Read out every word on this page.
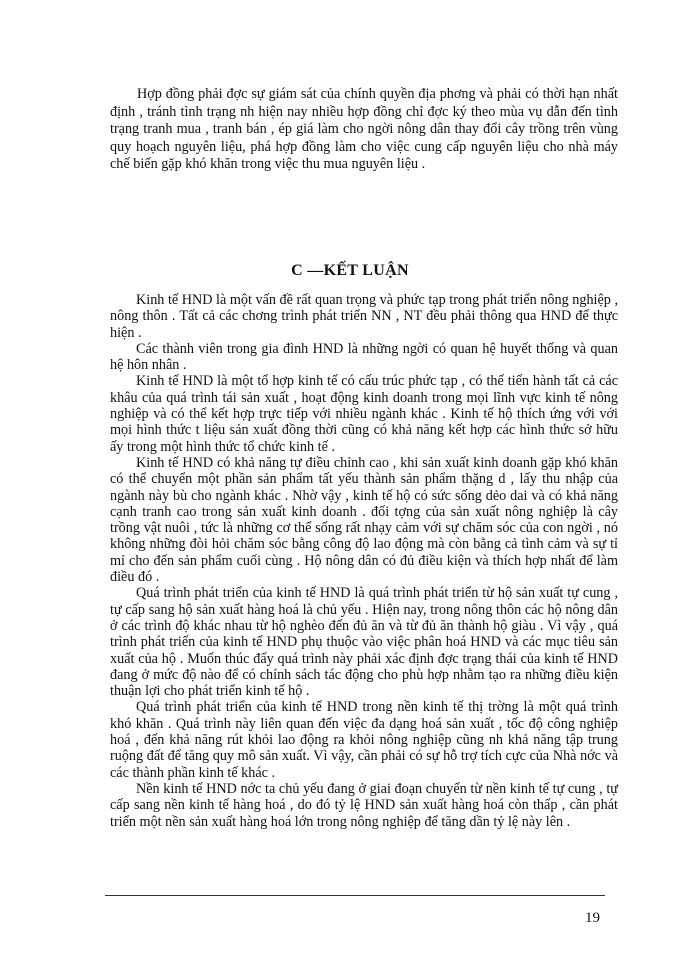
Hợp đồng phải đợc sự giám sát của chính quyền địa phơng và phải có thời hạn nhất định , tránh tình trạng nh hiện nay nhiều hợp đồng chỉ đợc ký theo mùa vụ dẫn đến tình trạng tranh mua , tranh bán , ép giá làm cho ngời nông dân thay đổi cây trồng trên vùng quy hoạch nguyên liệu, phá hợp đồng làm cho việc cung cấp nguyên liệu cho nhà máy chế biến gặp khó khăn trong việc thu mua nguyên liệu .

C —KẾT LUẬN

Kinh tế HND là một vấn đề rất quan trọng và phức tạp trong phát triển nông nghiệp , nông thôn . Tất cả các chơng trình phát triển NN , NT đều phải thông qua HND để thực hiện .

Các thành viên trong gia đình HND là những ngời có quan hệ huyết thống và quan hệ hôn nhân .

Kinh tế HND là một tổ hợp kinh tế có cấu trúc phức tạp , có thể tiến hành tất cả các khâu của quá trình tái sản xuất , hoạt động kinh doanh trong mọi lĩnh vực kinh tế nông nghiệp và có thể kết hợp trực tiếp với nhiều ngành khác . Kinh tế hộ thích ứng với với mọi hình thức t liệu sản xuất đồng thời cũng có khả năng kết hợp các hình thức sở hữu ấy trong một hình thức tổ chức kinh tế .

Kinh tế HND có khả năng tự điều chỉnh cao , khi sản xuất kinh doanh gặp khó khăn có thể chuyển một phần sản phẩm tất yếu thành sản phẩm thặng d , lấy thu nhập của ngành này bù cho ngành khác . Nhờ vậy , kinh tế hộ có sức sống dẻo dai và có khả năng cạnh tranh cao trong sản xuất kinh doanh . đối tợng của sản xuất nông nghiệp là cây trồng vật nuôi , tức là những cơ thể sống rất nhạy cảm với sự chăm sóc của con ngời , nó không những đòi hỏi chăm sóc bằng công độ lao động mà còn bằng cả tình cảm và sự tỉ mỉ cho đến sản phẩm cuối cùng . Hộ nông dân có đủ điều kiện và thích hợp nhất để làm điều đó .

Quá trình phát triển của kinh tế HND là quá trình phát triển từ hộ sản xuất tự cung , tự cấp sang hộ sản xuất hàng hoá là chủ yếu . Hiện nay, trong nông thôn các hộ nông dân ở các trình độ khác nhau từ hộ nghèo đến đủ ăn và từ đủ ăn thành hộ giàu . Vì vậy , quá trình phát triển của kinh tế HND phụ thuộc vào việc phân hoá HND và các mục tiêu sản xuất của hộ . Muốn thúc đẩy quá trình này phải xác định đợc trạng thái của kinh tế HND đang ở mức độ nào để có chính sách tác động cho phù hợp nhằm tạo ra những điều kiện thuận lợi cho phát triển kinh tế hộ .

Quá trình phát triển của kinh tế HND trong nền kinh tế thị trờng là một quá trình khó khăn . Quá trình này liên quan đến việc đa dạng hoá sản xuất , tốc độ công nghiệp hoá , đến khả năng rút khỏi lao động ra khỏi nông nghiệp cũng nh khả năng tập trung ruộng đất để tăng quy mô sản xuất. Vì vậy, cần phải có sự hỗ trợ tích cực của Nhà nớc và các thành phần kinh tế khác .

Nền kinh tế HND nớc ta chủ yếu đang ở giai đoạn chuyển từ nền kinh tế tự cung , tự cấp sang nền kinh tế hàng hoá , do đó tỷ lệ HND sản xuất hàng hoá còn thấp , cần phát triển một nền sản xuất hàng hoá lớn trong nông nghiệp để tăng dần tỷ lệ này lên .

19
